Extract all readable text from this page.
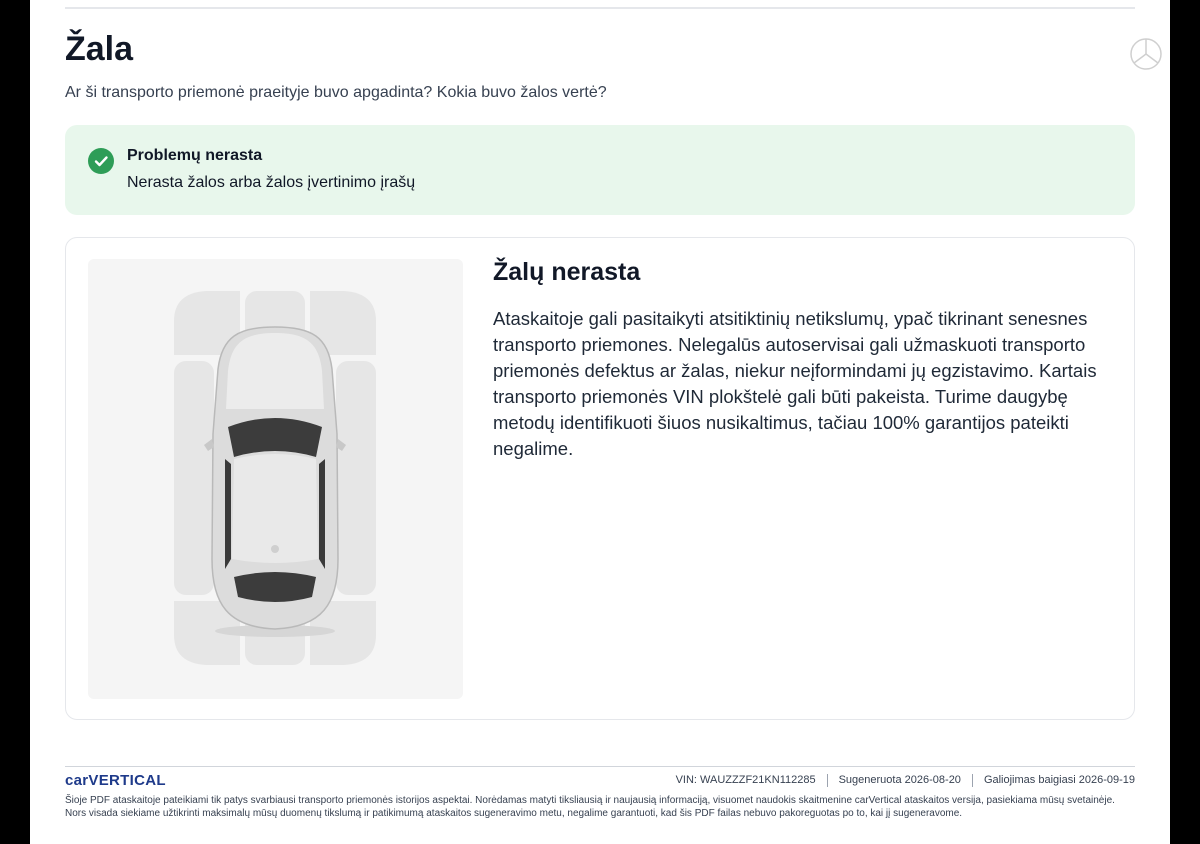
Žala
Ar ši transporto priemonė praeityje buvo apgadinta? Kokia buvo žalos vertė?
Problemų nerasta
Nerasta žalos arba žalos įvertinimo įrašų
Žalų nerasta

Ataskaitoje gali pasitaikyti atsitiktinių netikslumų, ypač tikrinant senesnes transporto priemones. Nelegalūs autoservisai gali užmaskuoti transporto priemonės defektus ar žalas, niekur neįformindami jų egzistavimo. Kartais transporto priemonės VIN plokštelė gali būti pakeista. Turime daugybę metodų identifikuoti šiuos nusikaltimus, tačiau 100% garantijos pateikti negalime.

carVERTICAL	VIN:
WAUZZZF21KN112285 Sugeneruota
2026-08-20 Galiojimas baigiasi
2026-09-19

Šioje PDF ataskaitoje pateikiami tik patys svarbiausi transporto priemonės istorijos aspektai. Norėdamas matyti tiksliausią ir naujausią informaciją, visuomet naudokis skaitmenine carVertical ataskaitos versija, pasiekiama mūsų svetainėje. Nors visada siekiame užtikrinti maksimalų mūsų duomenų tikslumą ir patikimumą ataskaitos sugeneravimo metu, negalime garantuoti, kad šis PDF failas nebuvo pakoreguotas po to, kai jį sugeneravome.
